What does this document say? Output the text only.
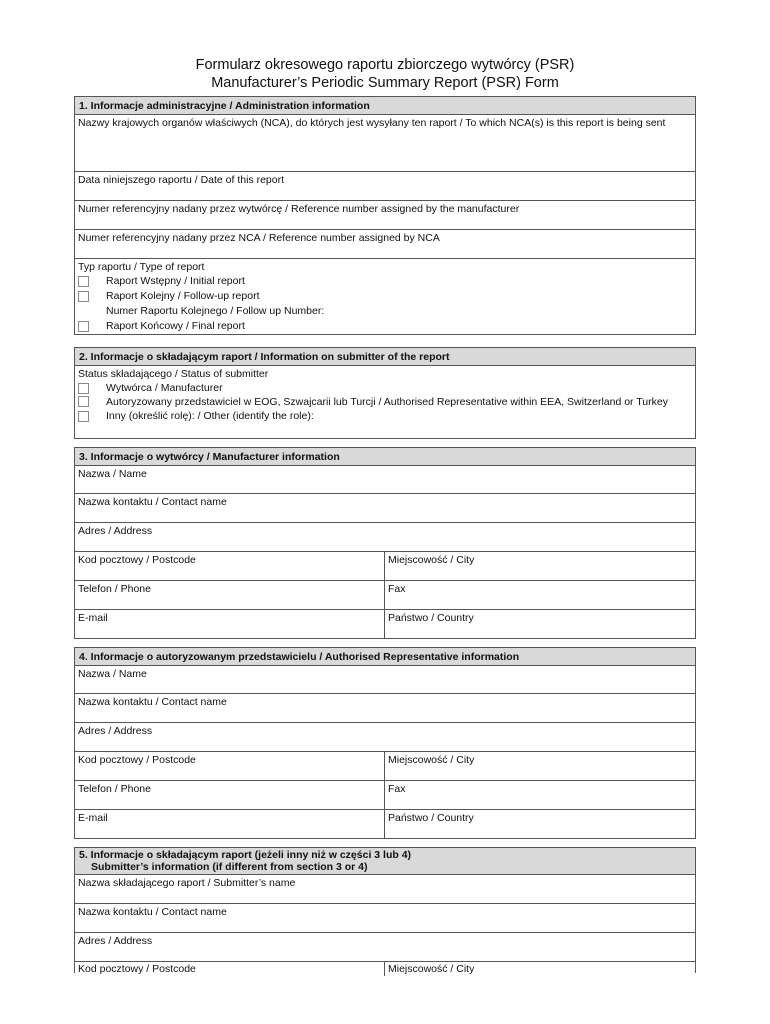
Formularz okresowego raportu zbiorczego wytwórcy (PSR)
Manufacturer’s Periodic Summary Report (PSR) Form
1. Informacje administracyjne / Administration information
Nazwy krajowych organów właściwych (NCA), do których jest wysyłany ten raport / To which NCA(s) is this report is being sent
Data niniejszego raportu / Date of this report
Numer referencyjny nadany przez wytwórcę / Reference number assigned by the manufacturer
Numer referencyjny nadany przez NCA / Reference number assigned by NCA
Typ raportu / Type of report
Raport Wstępny / Initial report
Raport Kolejny / Follow-up report
Numer Raportu Kolejnego / Follow up Number:
Raport Końcowy / Final report
2. Informacje o składającym raport / Information on submitter of the report
Status składającego / Status of submitter
Wytwórca / Manufacturer
Autoryzowany przedstawiciel w EOG, Szwajcarii lub Turcji / Authorised Representative within EEA, Switzerland or Turkey
Inny (określić rolę): / Other (identify the role):
3. Informacje o wytwórcy / Manufacturer information
Nazwa / Name
Nazwa kontaktu / Contact name
Adres / Address
Kod pocztowy / Postcode	Miejscowość / City
Telefon / Phone	Fax
E-mail	Państwo / Country
4. Informacje o autoryzowanym przedstawicielu / Authorised Representative information
Nazwa / Name
Nazwa kontaktu / Contact name
Adres / Address
Kod pocztowy / Postcode	Miejscowość / City
Telefon / Phone	Fax
E-mail	Państwo / Country
5. Informacje o składającym raport (jeżeli inny niż w części 3 lub 4)
Submitter’s information (if different from section 3 or 4)
Nazwa składającego raport / Submitter’s name
Nazwa kontaktu / Contact name
Adres / Address
Kod pocztowy / Postcode	Miejscowość / City
